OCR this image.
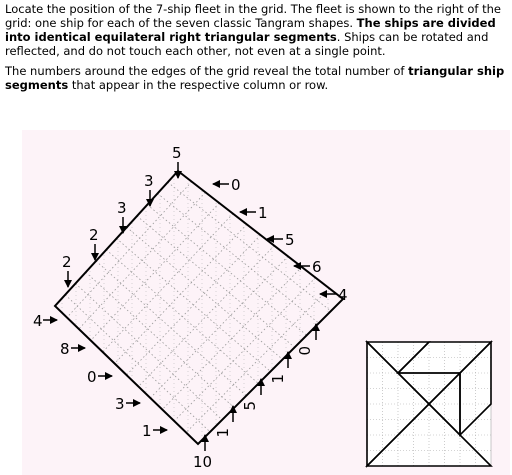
Locate the position of the 7-ship fleet in the grid. The fleet is shown to the right of the grid: one ship for each of the seven classic Tangram shapes. The ships are divided into identical equilateral right triangular segments. Ships can be rotated and reflected, and do not touch each other, not even at a single point.

The numbers around the edges of the grid reveal the total number of triangular ship segments that appear in the respective column or row.

5
3
3
2
2
4
0
1
5
6
4
0
1
5
1
10
8
0
3
1
